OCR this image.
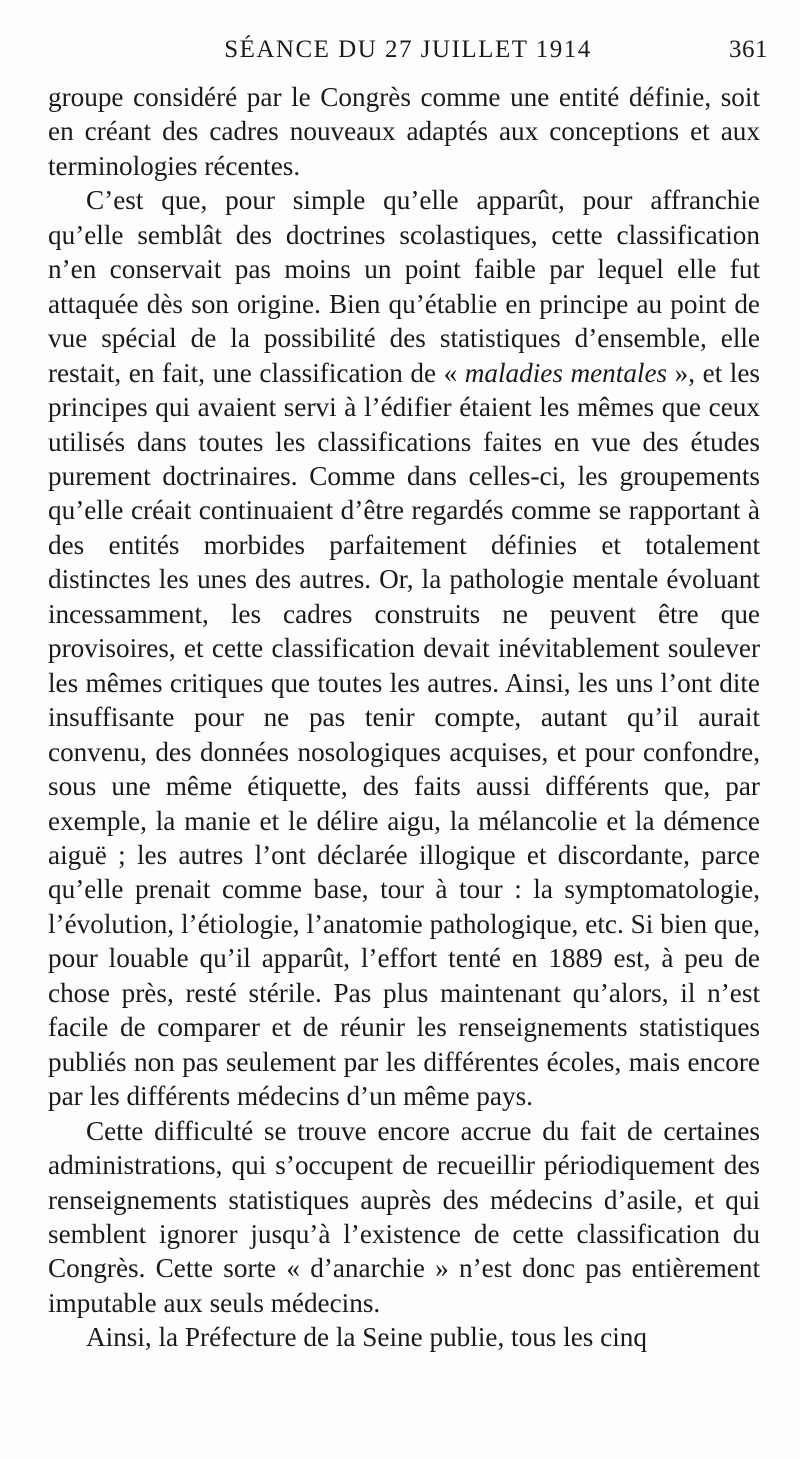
SÉANCE DU 27 JUILLET 1914	361

groupe considéré par le Congrès comme une entité définie, soit en créant des cadres nouveaux adaptés aux conceptions et aux terminologies récentes.

C’est que, pour simple qu’elle apparût, pour affranchie qu’elle semblât des doctrines scolastiques, cette classification n’en conservait pas moins un point faible par lequel elle fut attaquée dès son origine. Bien qu’établie en principe au point de vue spécial de la possibilité des statistiques d’ensemble, elle restait, en fait, une classification de « maladies mentales », et les principes qui avaient servi à l’édifier étaient les mêmes que ceux utilisés dans toutes les classifications faites en vue des études purement doctrinaires. Comme dans celles-ci, les groupements qu’elle créait continuaient d’être regardés comme se rapportant à des entités morbides parfaitement définies et totalement distinctes les unes des autres. Or, la pathologie mentale évoluant incessamment, les cadres construits ne peuvent être que provisoires, et cette classification devait inévitablement soulever les mêmes critiques que toutes les autres. Ainsi, les uns l’ont dite insuffisante pour ne pas tenir compte, autant qu’il aurait convenu, des données nosologiques acquises, et pour confondre, sous une même étiquette, des faits aussi différents que, par exemple, la manie et le délire aigu, la mélancolie et la démence aiguë ; les autres l’ont déclarée illogique et discordante, parce qu’elle prenait comme base, tour à tour : la symptomatologie, l’évolution, l’étiologie, l’anatomie pathologique, etc. Si bien que, pour louable qu’il apparût, l’effort tenté en 1889 est, à peu de chose près, resté stérile. Pas plus maintenant qu’alors, il n’est facile de comparer et de réunir les renseignements statistiques publiés non pas seulement par les différentes écoles, mais encore par les différents médecins d’un même pays.

Cette difficulté se trouve encore accrue du fait de certaines administrations, qui s’occupent de recueillir périodiquement des renseignements statistiques auprès des médecins d’asile, et qui semblent ignorer jusqu’à l’existence de cette classification du Congrès. Cette sorte « d’anarchie » n’est donc pas entièrement imputable aux seuls médecins.

Ainsi, la Préfecture de la Seine publie, tous les cinq
